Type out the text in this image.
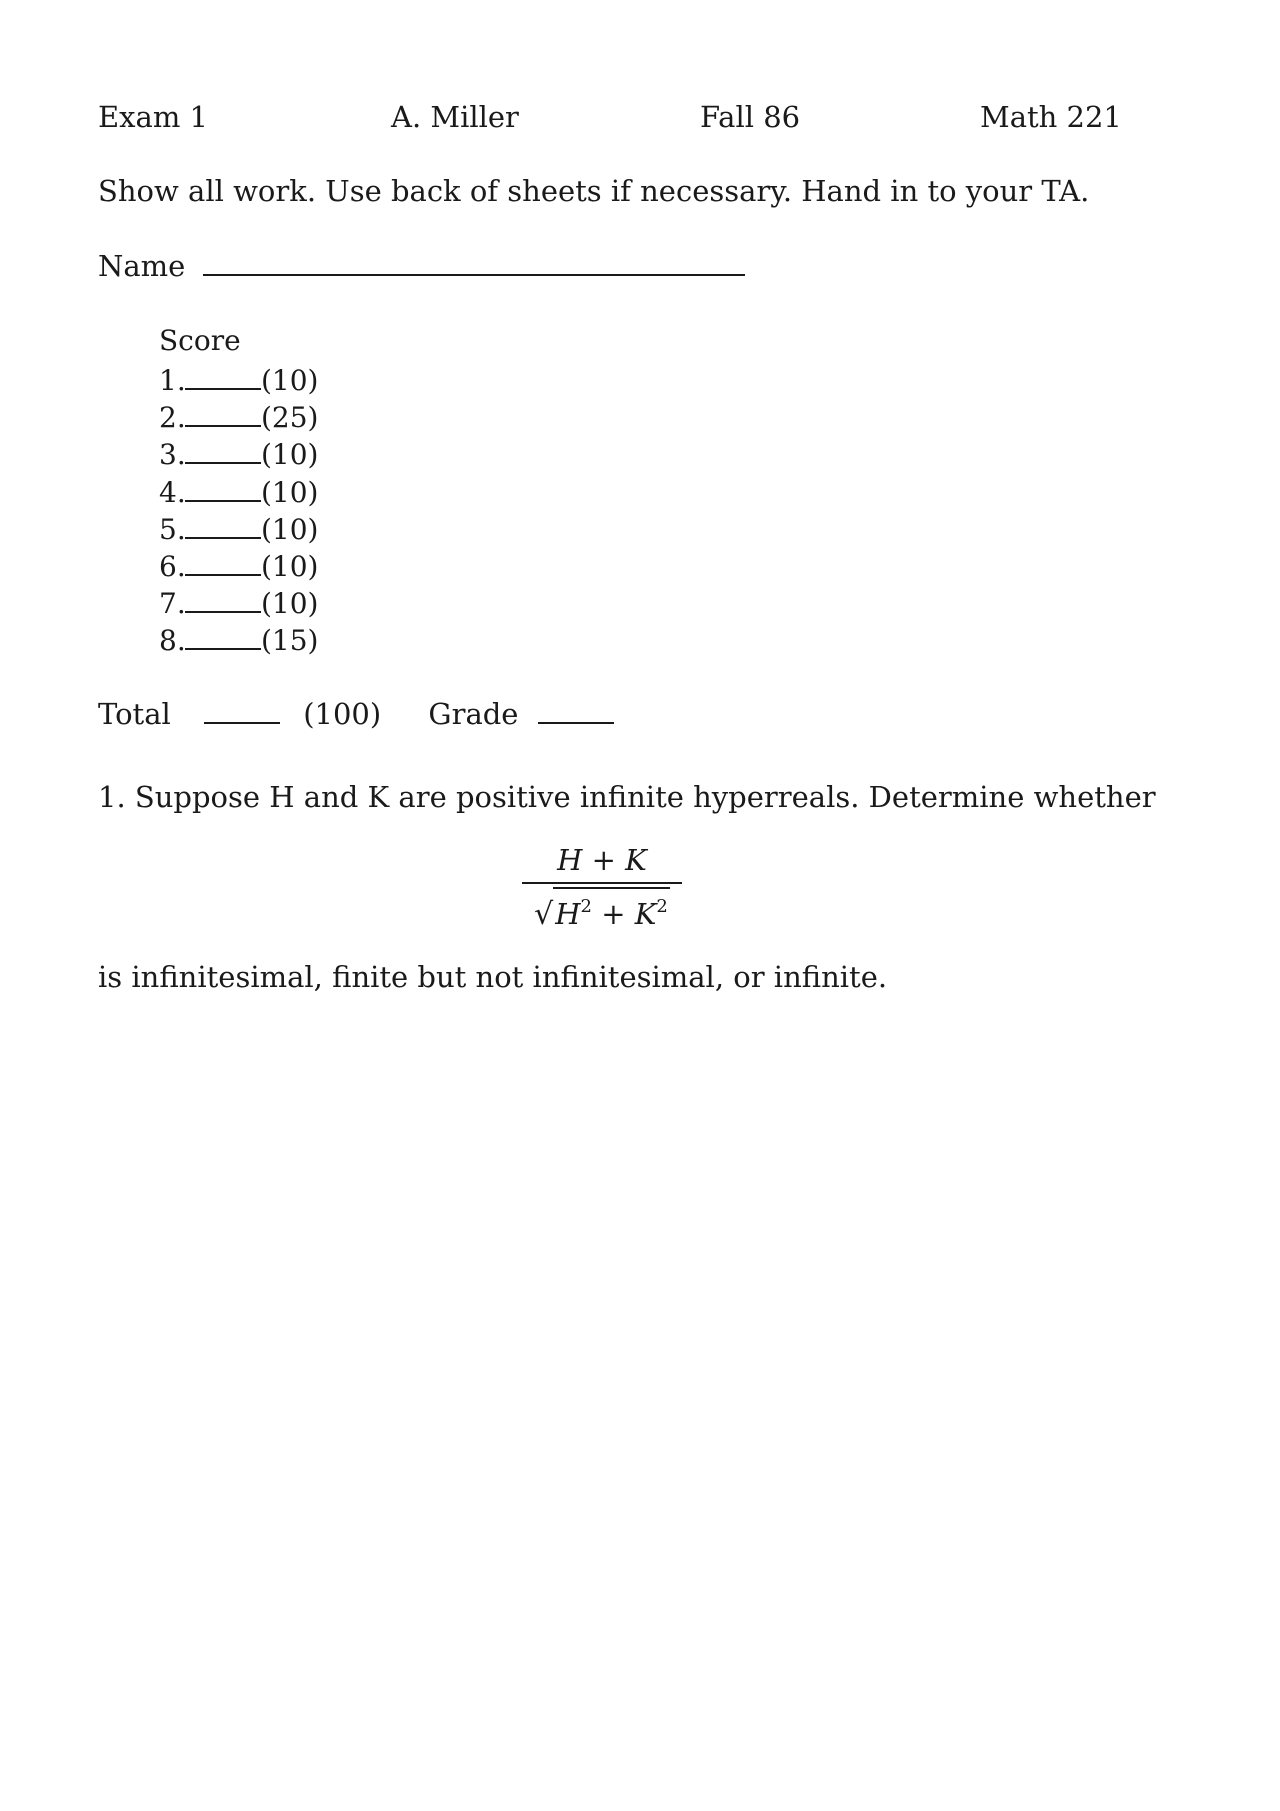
Exam 1	A. Miller	Fall 86	Math 221
Show all work. Use back of sheets if necessary. Hand in to your TA.
Name
Score
1.	(10)
2.	(25)
3.	(10)
4.	(10)
5.	(10)
6.	(10)
7.	(10)
8.	(15)
Total	(100) Grade
1. Suppose H and K are positive infinite hyperreals. Determine whether
H + K
$√H^2 + K^2$
is infinitesimal, finite but not infinitesimal, or infinite.
